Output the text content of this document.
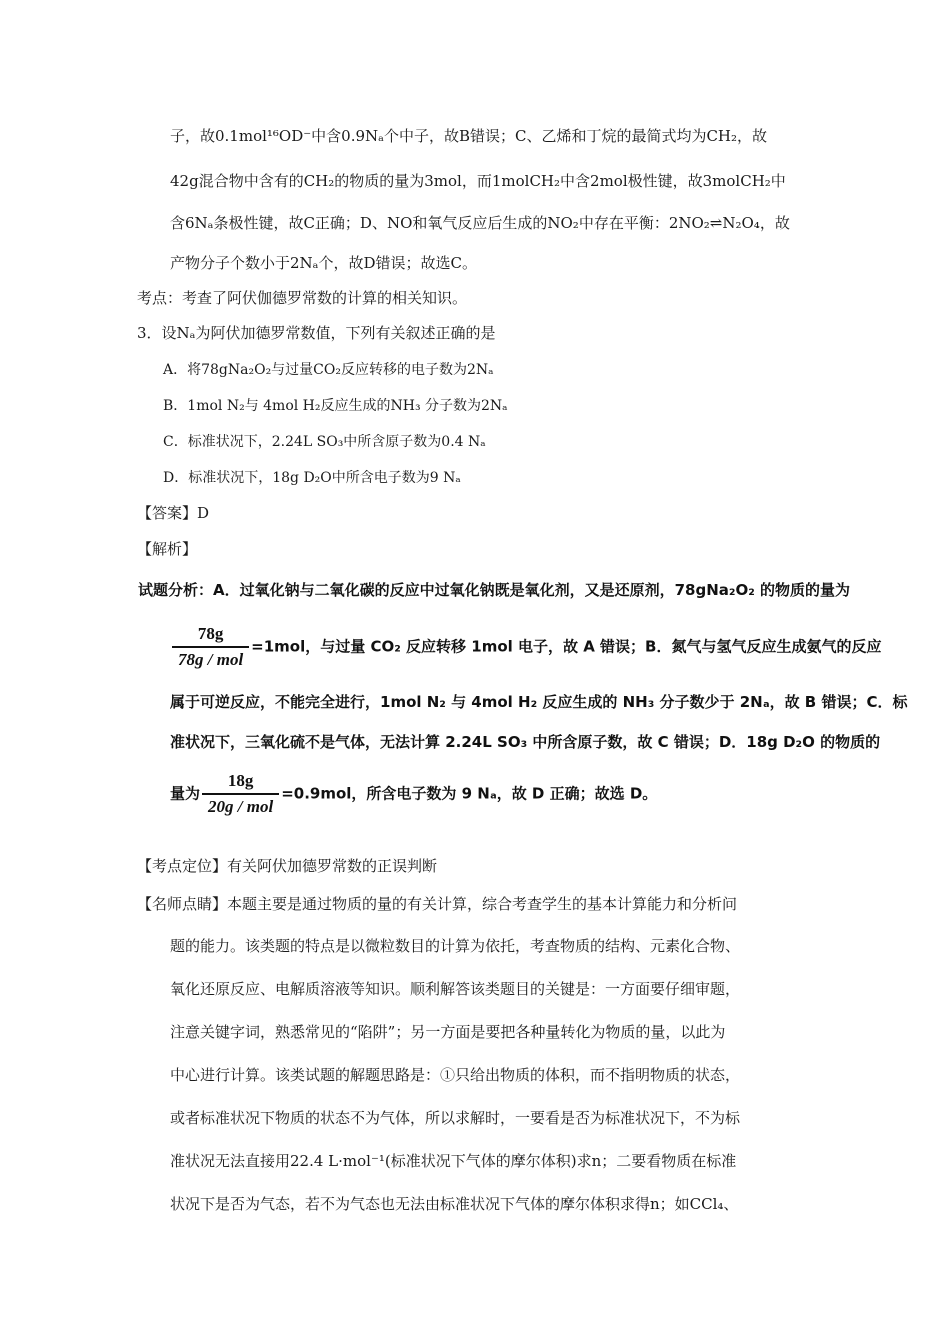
子，故0.1mol¹⁶OD⁻中含0.9Nₐ个中子，故B错误；C、乙烯和丁烷的最简式均为CH₂，故
42g混合物中含有的CH₂的物质的量为3mol，而1molCH₂中含2mol极性键，故3molCH₂中
含6Nₐ条极性键，故C正确；D、NO和氧气反应后生成的NO₂中存在平衡：2NO₂⇌N₂O₄，故
产物分子个数小于2Nₐ个，故D错误；故选C。
考点：考查了阿伏伽德罗常数的计算的相关知识。
3．设Nₐ为阿伏加德罗常数值，下列有关叙述正确的是
A．将78gNa₂O₂与过量CO₂反应转移的电子数为2Nₐ
B．1mol N₂与 4mol H₂反应生成的NH₃ 分子数为2Nₐ
C．标准状况下，2.24L SO₃中所含原子数为0.4 Nₐ
D．标准状况下，18g D₂O中所含电子数为9 Nₐ
【答案】D
【解析】
试题分析：A．过氧化钠与二氧化碳的反应中过氧化钠既是氧化剂，又是还原剂，78gNa₂O₂ 的物质的量为
$\frac{78g}{\text{78g / mol}} =1mol$，与过量 CO₂ 反应转移 1mol 电子，故 A 错误；B．氮气与氢气反应生成氨气的反应
属于可逆反应，不能完全进行，1mol N₂ 与 4mol H₂ 反应生成的 NH₃ 分子数少于 2Nₐ，故 B 错误；C．标
准状况下，三氧化硫不是气体，无法计算 2.24L SO₃ 中所含原子数，故 C 错误；D．18g D₂O 的物质的
量为 $\frac{18g}{\text{20g / mol}} =0.9mol$，所含电子数为 9 Nₐ，故 D 正确；故选 D。
【考点定位】有关阿伏加德罗常数的正误判断
【名师点睛】本题主要是通过物质的量的有关计算，综合考查学生的基本计算能力和分析问
题的能力。该类题的特点是以微粒数目的计算为依托，考查物质的结构、元素化合物、
氧化还原反应、电解质溶液等知识。顺利解答该类题目的关键是：一方面要仔细审题，
注意关键字词，熟悉常见的“陷阱”；另一方面是要把各种量转化为物质的量，以此为
中心进行计算。该类试题的解题思路是：①只给出物质的体积，而不指明物质的状态，
或者标准状况下物质的状态不为气体，所以求解时，一要看是否为标准状况下，不为标
准状况无法直接用22.4 L·mol⁻¹(标准状况下气体的摩尔体积)求n；二要看物质在标准
状况下是否为气态，若不为气态也无法由标准状况下气体的摩尔体积求得n；如CCl₄、
